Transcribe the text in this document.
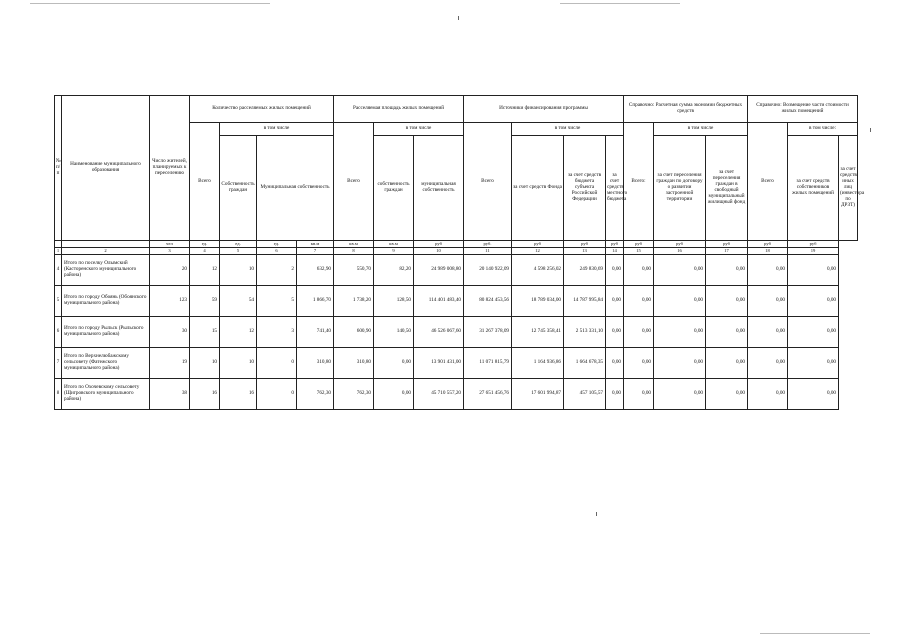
№ п/п	Наименование муниципального образования	Число жителей, планируемых к переселению	Количество расселяемых жилых помещений				Расселяемая площадь жилых помещений			Источники финансирования программы				Справочно: Расчетная сумма экономии бюджетных средств			Справочно: Возмещение части стоимости жилых помещений		
			Всего	в том числе			Всего	в том числе		Всего	в том числе			Всего:	в том числе		Всего	в том числе:	
				Собственность граждан	Муниципальная собственность			собственность граждан	муниципальная собственность		за счет средств Фонда	за счет средств бюджета субъекта Российской Федерации	за счет средств местного бюджета		за счет переселения граждан по договору о развитии застроенной территории	за счет переселения граждан в свободный муниципальный жилищный фонд		за счет средств собственников жилых помещений	за счет средств иных лиц (инвестора по ДРЗТ)
		чел	ед.	ед.	ед.	кв.м	кв.м	кв.м	руб	руб.	руб	руб	руб	руб	руб	руб	руб	руб	
1	2	3	4	5	6	7	8	9	10	11	12	13	14	15	16	17	18	19	
4	Итого по поселку Олымский (Касторенского муниципального района)	20	12	10	2	632,90	550,70	82,20	24 989 008,80	20 140 922,09	4 598 256,02	249 830,69	0,00	0,00	0,00	0,00	0,00	0,00	
5	Итого по городу Обоянь (Обоянского муниципального района)	123	59	54	5	1 866,70	1 738,20	128,50	114 401 483,40	80 824 453,56	18 789 034,00	14 787 995,84	0,00	0,00	0,00	0,00	0,00	0,00	
6	Итого по городу Рыльск (Рыльского муниципального района)	30	15	12	3	741,40	600,90	140,50	46 526 067,60	31 267 378,09	12 745 358,41	2 513 331,10	0,00	0,00	0,00	0,00	0,00	0,00	
7	Итого по Верхнелюбажскому сельсовету (Фатежского муниципального района)	19	10	10	0	310,80	310,80	0,00	13 901 431,00	11 071 815,79	1 164 936,86	1 664 678,35	0,00	0,00	0,00	0,00	0,00	0,00	
8	Итого по Охочевскому сельсовету (Щигровского муниципального района)	38	16	16	0	762,30	762,30	0,00	45 710 557,20	27 651 456,76	17 601 994,87	457 105,57	0,00	0,00	0,00	0,00	0,00	0,00	
